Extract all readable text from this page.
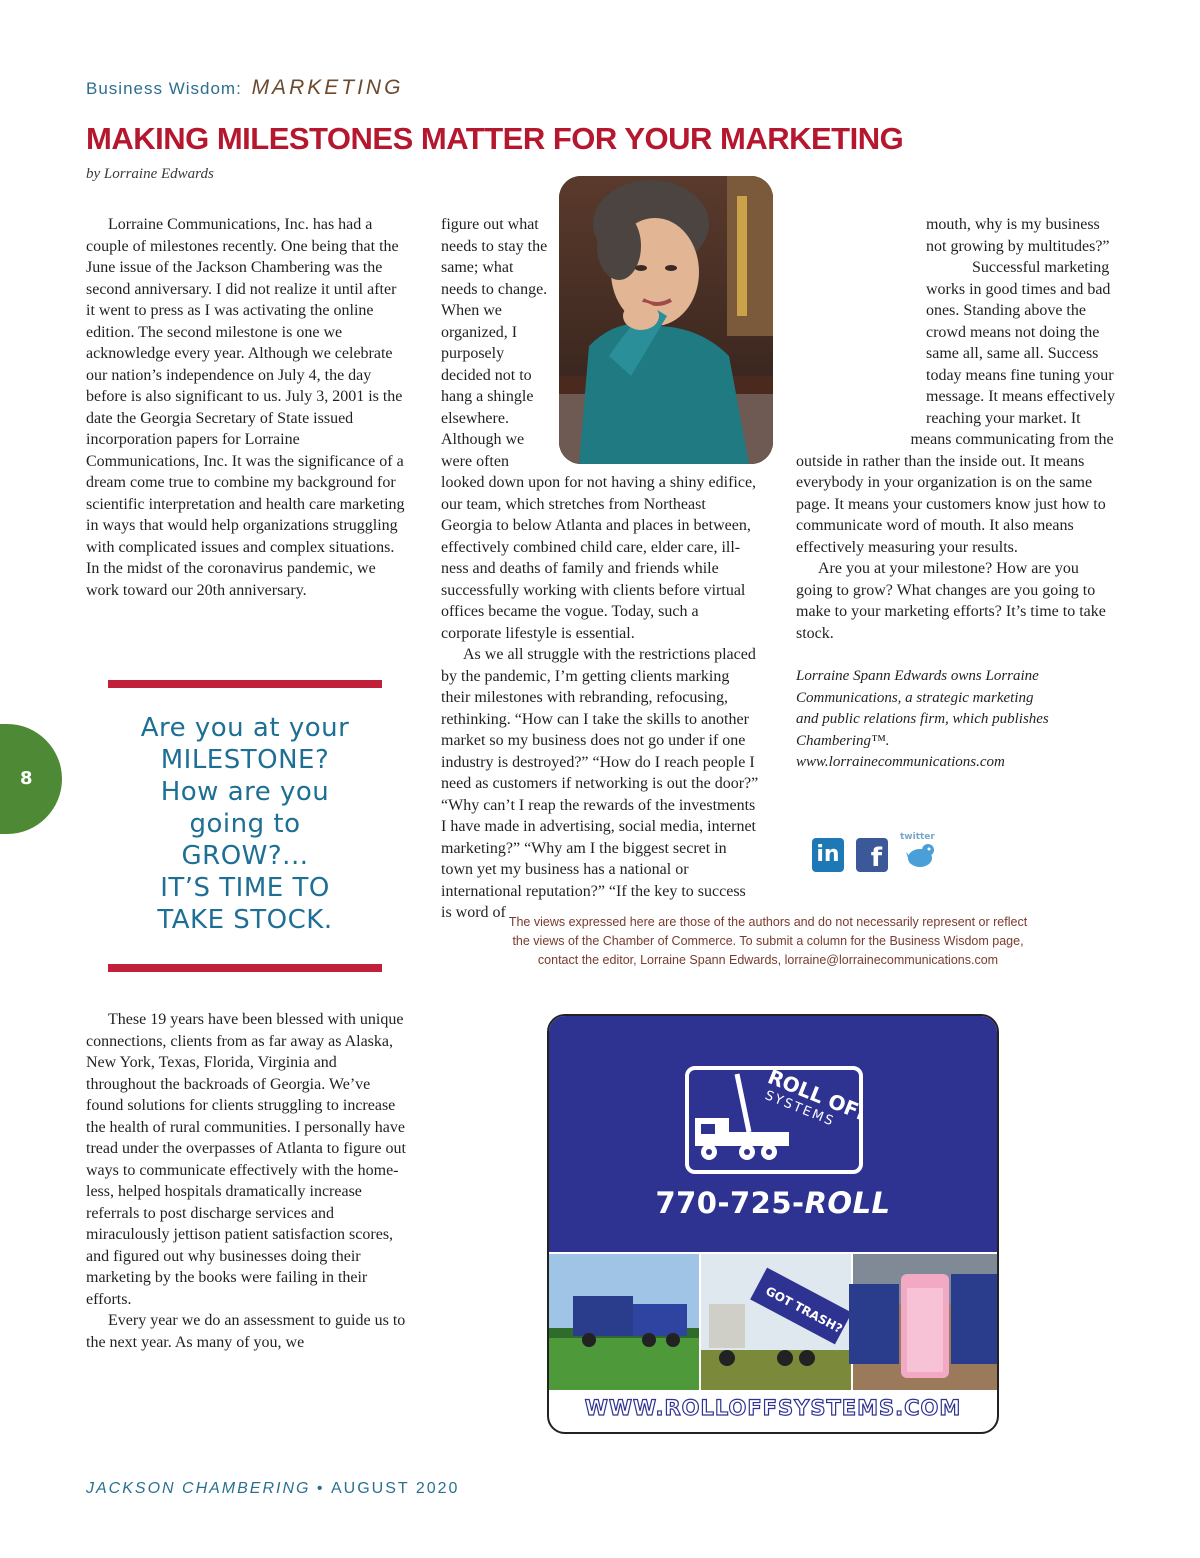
Business Wisdom: MARKETING
MAKING MILESTONES MATTER FOR YOUR MARKETING
by Lorraine Edwards

Lorraine Communications, Inc. has had a couple of milestones recently. One being that the June issue of the Jackson Chambering was the second anniversary. I did not realize it until after it went to press as I was activating the online edition. The second milestone is one we acknowledge every year. Although we celebrate our nation’s independence on July 4, the day before is also significant to us. July 3, 2001 is the date the Georgia Secretary of State issued incorporation papers for Lorraine Communications, Inc. It was the significance of a dream come true to combine my background for scientific interpretation and health care marketing in ways that would help organizations struggling with complicated issues and complex situations. In the midst of the coronavirus pandemic, we work toward our 20th anniversary.

figure out what needs to stay the same; what needs to change. When we organized, I purposely decided not to hang a shingle elsewhere. Although we were often looked down upon for not having a shiny edifice, our team, which stretches from Northeast Georgia to below Atlanta and places in between, effectively combined child care, elder care, illness and deaths of family and friends while successfully working with clients before virtual offices became the vogue. Today, such a corporate lifestyle is essential.

As we all struggle with the restrictions placed by the pandemic, I’m getting clients marking their milestones with rebranding, refocusing, rethinking. “How can I take the skills to another market so my business does not go under if one industry is destroyed?” “How do I reach people I need as customers if networking is out the door?” “Why can’t I reap the rewards of the investments I have made in advertising, social media, internet marketing?” “Why am I the biggest secret in town yet my business has a national or international reputation?” “If the key to success is word of

mouth, why is my business not growing by multitudes?”

Successful marketing works in good times and bad ones. Standing above the crowd means not doing the same all, same all. Success today means fine tuning your message. It means effectively reaching your market. It means communicating from the outside in rather than the inside out. It means everybody in your organization is on the same page. It means your customers know just how to communicate word of mouth. It also means effectively measuring your results.

Are you at your milestone? How are you going to grow? What changes are you going to make to your marketing efforts? It’s time to take stock.

Lorraine Spann Edwards owns Lorraine
Communications, a strategic marketing
and public relations firm, which publishes
Chambering™.
www.lorrainecommunications.com
in	f
twitter
8
Are you at your
MILESTONE?
How are you
going to
GROW?...
IT’S TIME TO
TAKE STOCK.

These 19 years have been blessed with unique connections, clients from as far away as Alaska, New York, Texas, Florida, Virginia and throughout the backroads of Georgia. We’ve found solutions for clients struggling to increase the health of rural communities. I personally have tread under the overpasses of Atlanta to figure out ways to communicate effectively with the homeless, helped hospitals dramatically increase referrals to post discharge services and miraculously jettison patient satisfaction scores, and figured out why businesses doing their marketing by the books were failing in their efforts.

Every year we do an assessment to guide us to the next year. As many of you, we

The views expressed here are those of the authors and do not necessarily represent or reflect
the views of the Chamber of Commerce. To submit a column for the Business Wisdom page,
contact the editor, Lorraine Spann Edwards, lorraine@lorrainecommunications.com
ROLL OFF
SYSTEMS
770-725-ROLL
GOT TRASH?
WWW.ROLLOFFSYSTEMS.COM
JACKSON CHAMBERING • AUGUST 2020
